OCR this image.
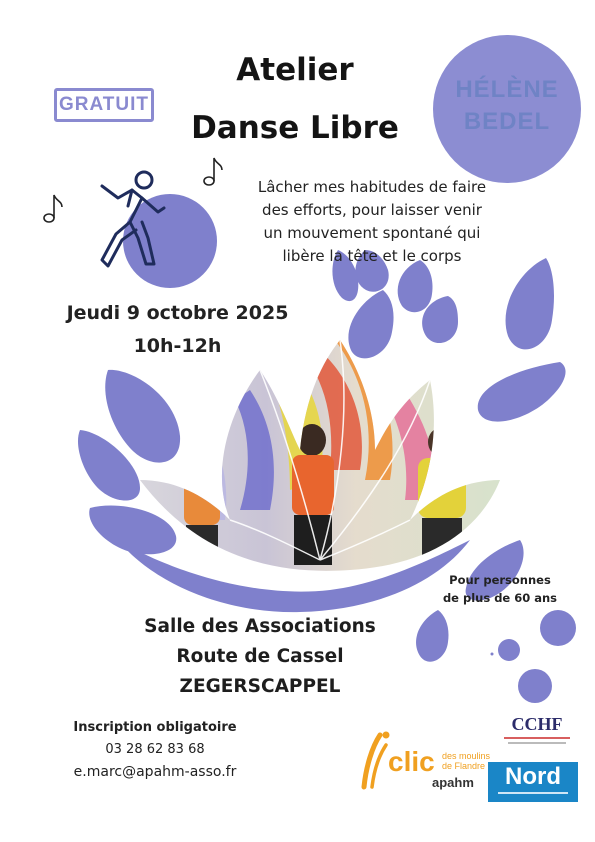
HÉLÈNE
BEDEL
GRATUIT
Atelier
Danse Libre
Lâcher mes habitudes de faire
des efforts, pour laisser venir
un mouvement spontané qui
libère la tête et le corps
Jeudi 9 octobre 2025
10h-12h
Pour personnes
de plus de 60 ans
Salle des Associations
Route de Cassel
ZEGERSCAPPEL
Inscription obligatoire
03 28 62 83 68
e.marc@apahm-asso.fr	clic des moulins
de Flandre
apahm
CCHF
Nord
